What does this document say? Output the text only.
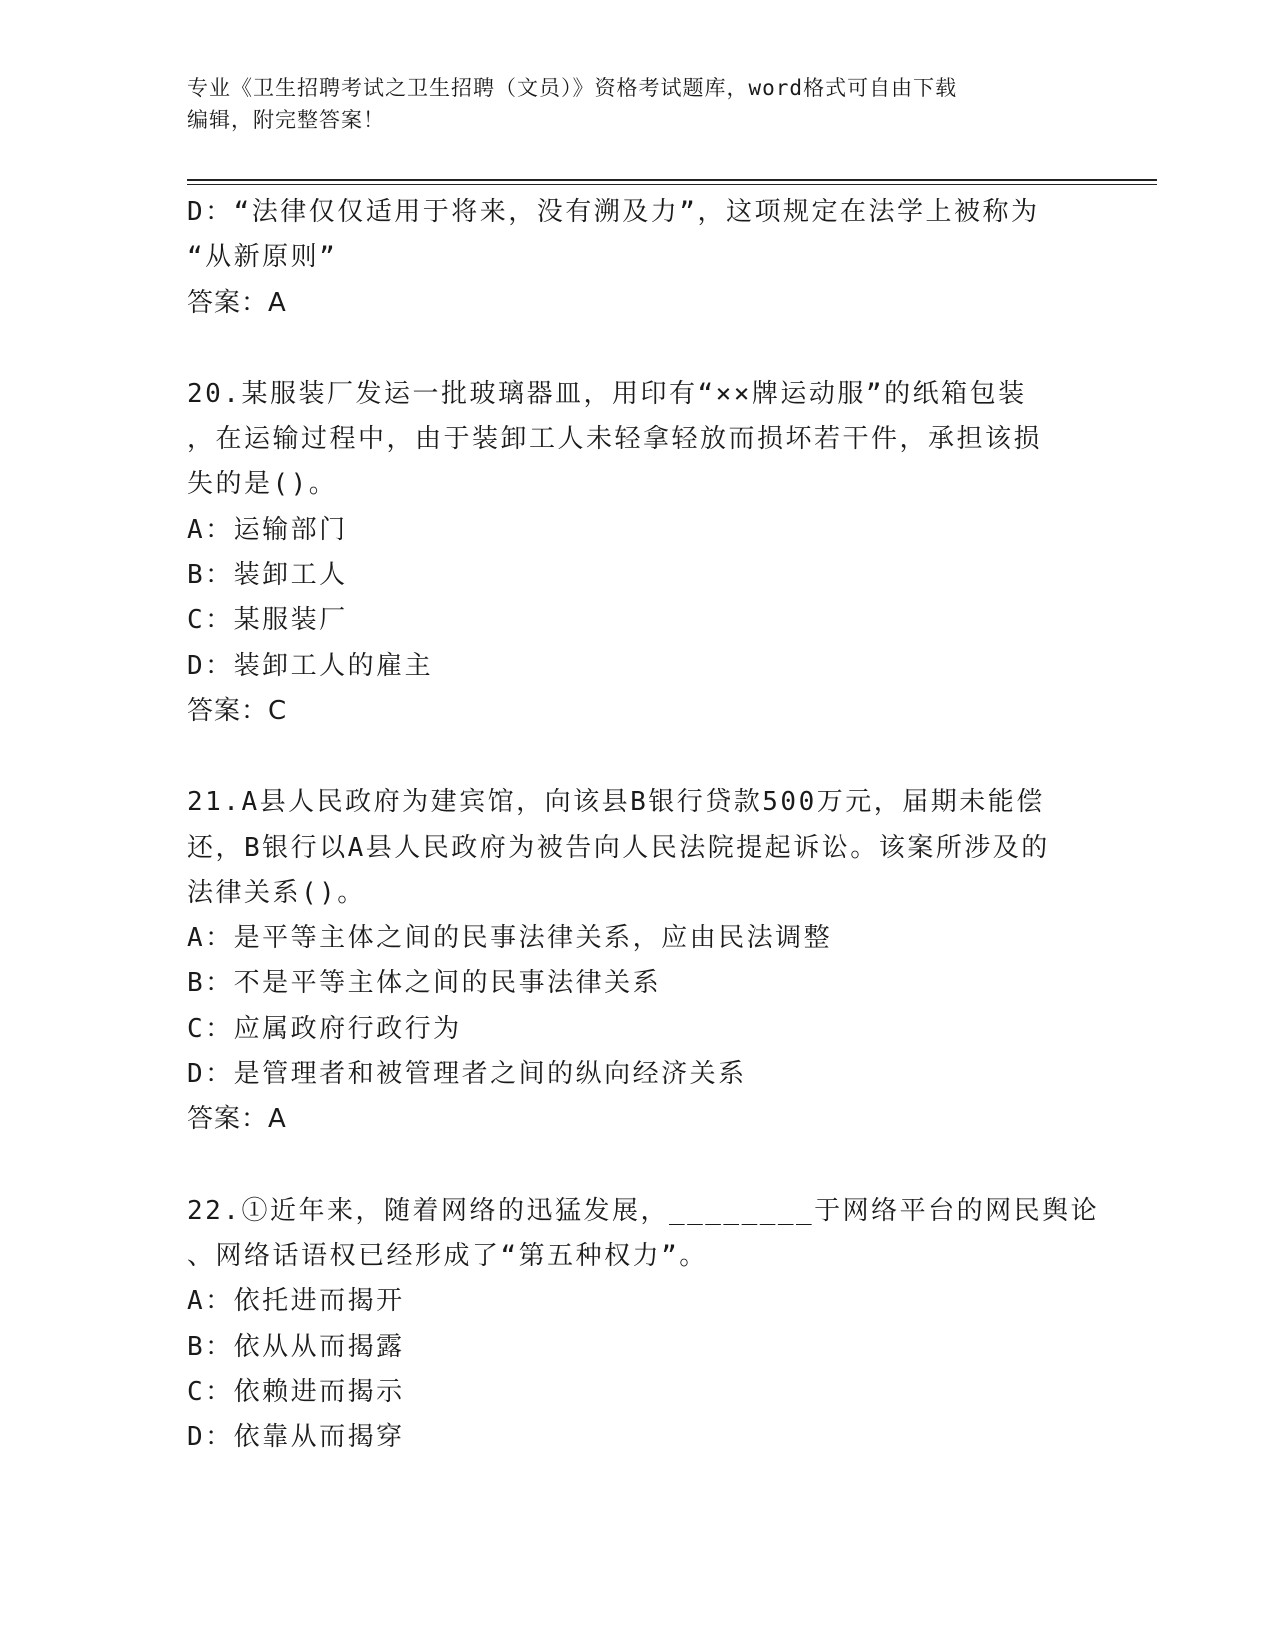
专业《卫生招聘考试之卫生招聘（文员）》资格考试题库，word格式可自由下载
编辑，附完整答案！
D：“法律仅仅适用于将来，没有溯及力”，这项规定在法学上被称为
“从新原则”
答案：A
20.某服装厂发运一批玻璃器皿，用印有“××牌运动服”的纸箱包装
，在运输过程中，由于装卸工人未轻拿轻放而损坏若干件，承担该损
失的是()。
A：运输部门
B：装卸工人
C：某服装厂
D：装卸工人的雇主
答案：C
21.A县人民政府为建宾馆，向该县B银行贷款500万元，届期未能偿
还，B银行以A县人民政府为被告向人民法院提起诉讼。该案所涉及的
法律关系()。
A：是平等主体之间的民事法律关系，应由民法调整
B：不是平等主体之间的民事法律关系
C：应属政府行政行为
D：是管理者和被管理者之间的纵向经济关系
答案：A
22.①近年来，随着网络的迅猛发展，________于网络平台的网民舆论
、网络话语权已经形成了“第五种权力”。
A：依托进而揭开
B：依从从而揭露
C：依赖进而揭示
D：依靠从而揭穿
